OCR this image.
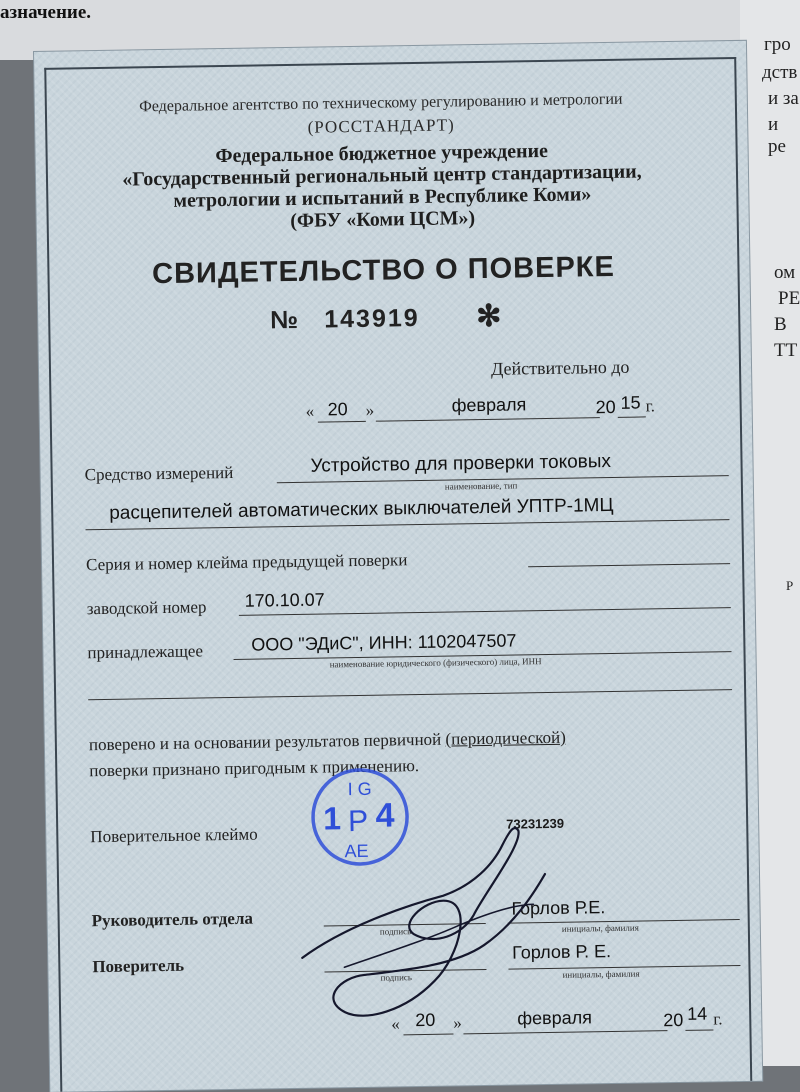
азначение.
гро
дств
и за
и ре
ом
РЕ
В
ТТ
Р
Федеральное агентство по техническому регулированию и метрологии
(РОССТАНДАРТ)
Федеральное бюджетное учреждение
«Государственный региональный центр стандартизации,
метрологии и испытаний в Республике Коми»
(ФБУ «Коми ЦСМ»)
СВИДЕТЕЛЬСТВО О ПОВЕРКЕ
№ 143919 ✻
Действительно до
« 20 »	февраля	20 15 г.
Средство измерений	Устройство для проверки токовых
наименование, тип
расцепителей автоматических выключателей УПТР-1МЦ
Серия и номер клейма предыдущей поверки
заводской номер 170.10.07
принадлежащее	ООО "ЭДиС", ИНН: 1102047507
наименование юридического (физического) лица, ИНН
поверено и на основании результатов первичной (периодической)
поверки признано пригодным к применению.
Поверительное клеймо
73231239
I G
1 Р 4
AE
Руководитель отдела
подпись
Горлов Р.Е.
инициалы, фамилия
Поверитель
подпись
Горлов Р. Е.
инициалы, фамилия
« 20 »	февраля	20 14 г.
